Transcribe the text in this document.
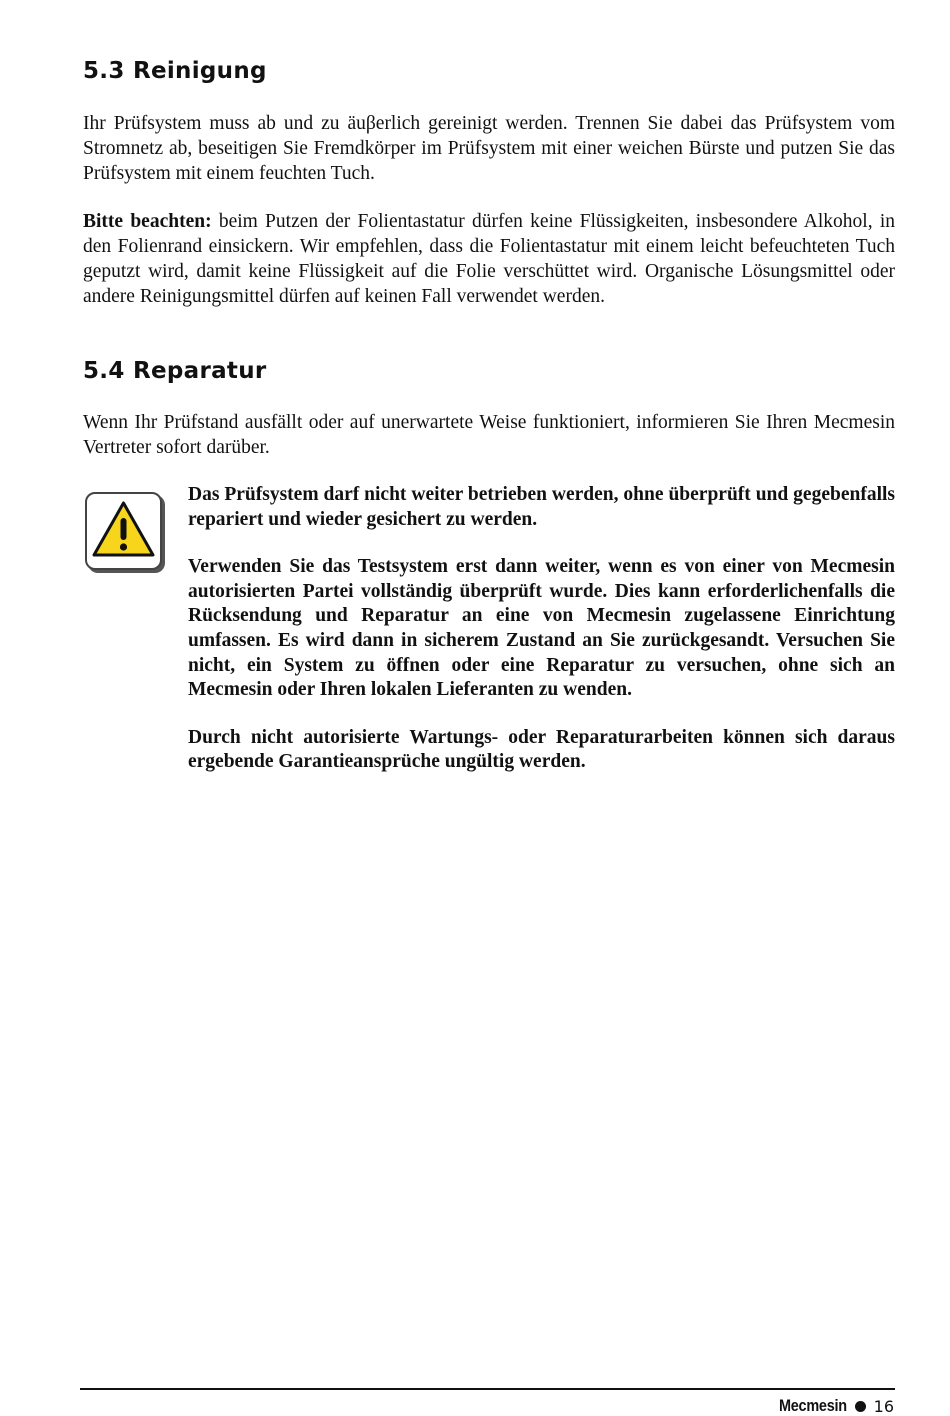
5.3 Reinigung

Ihr Prüfsystem muss ab und zu äuβerlich gereinigt werden. Trennen Sie dabei das Prüfsystem vom Stromnetz ab, beseitigen Sie Fremdkörper im Prüfsystem mit einer weichen Bürste und putzen Sie das Prüfsystem mit einem feuchten Tuch.

Bitte beachten: beim Putzen der Folientastatur dürfen keine Flüssigkeiten, insbesondere Alkohol, in den Folienrand einsickern. Wir empfehlen, dass die Folientastatur mit einem leicht befeuchteten Tuch geputzt wird, damit keine Flüssigkeit auf die Folie verschüttet wird. Organische Lösungsmittel oder andere Reinigungsmittel dürfen auf keinen Fall verwendet werden.

5.4 Reparatur

Wenn Ihr Prüfstand ausfällt oder auf unerwartete Weise funktioniert, informieren Sie Ihren Mecmesin Vertreter sofort darüber.

Das Prüfsystem darf nicht weiter betrieben werden, ohne überprüft und gegebenfalls repariert und wieder gesichert zu werden.

Verwenden Sie das Testsystem erst dann weiter, wenn es von einer von Mecmesin autorisierten Partei vollständig überprüft wurde. Dies kann erforderlichenfalls die Rücksendung und Reparatur an eine von Mecmesin zugelassene Einrichtung umfassen. Es wird dann in sicherem Zustand an Sie zurückgesandt. Versuchen Sie nicht, ein System zu öffnen oder eine Reparatur zu versuchen, ohne sich an Mecmesin oder Ihren lokalen Lieferanten zu wenden.

Durch nicht autorisierte Wartungs- oder Reparaturarbeiten können sich daraus ergebende Garantieansprüche ungültig werden.

Mecmesin 16
